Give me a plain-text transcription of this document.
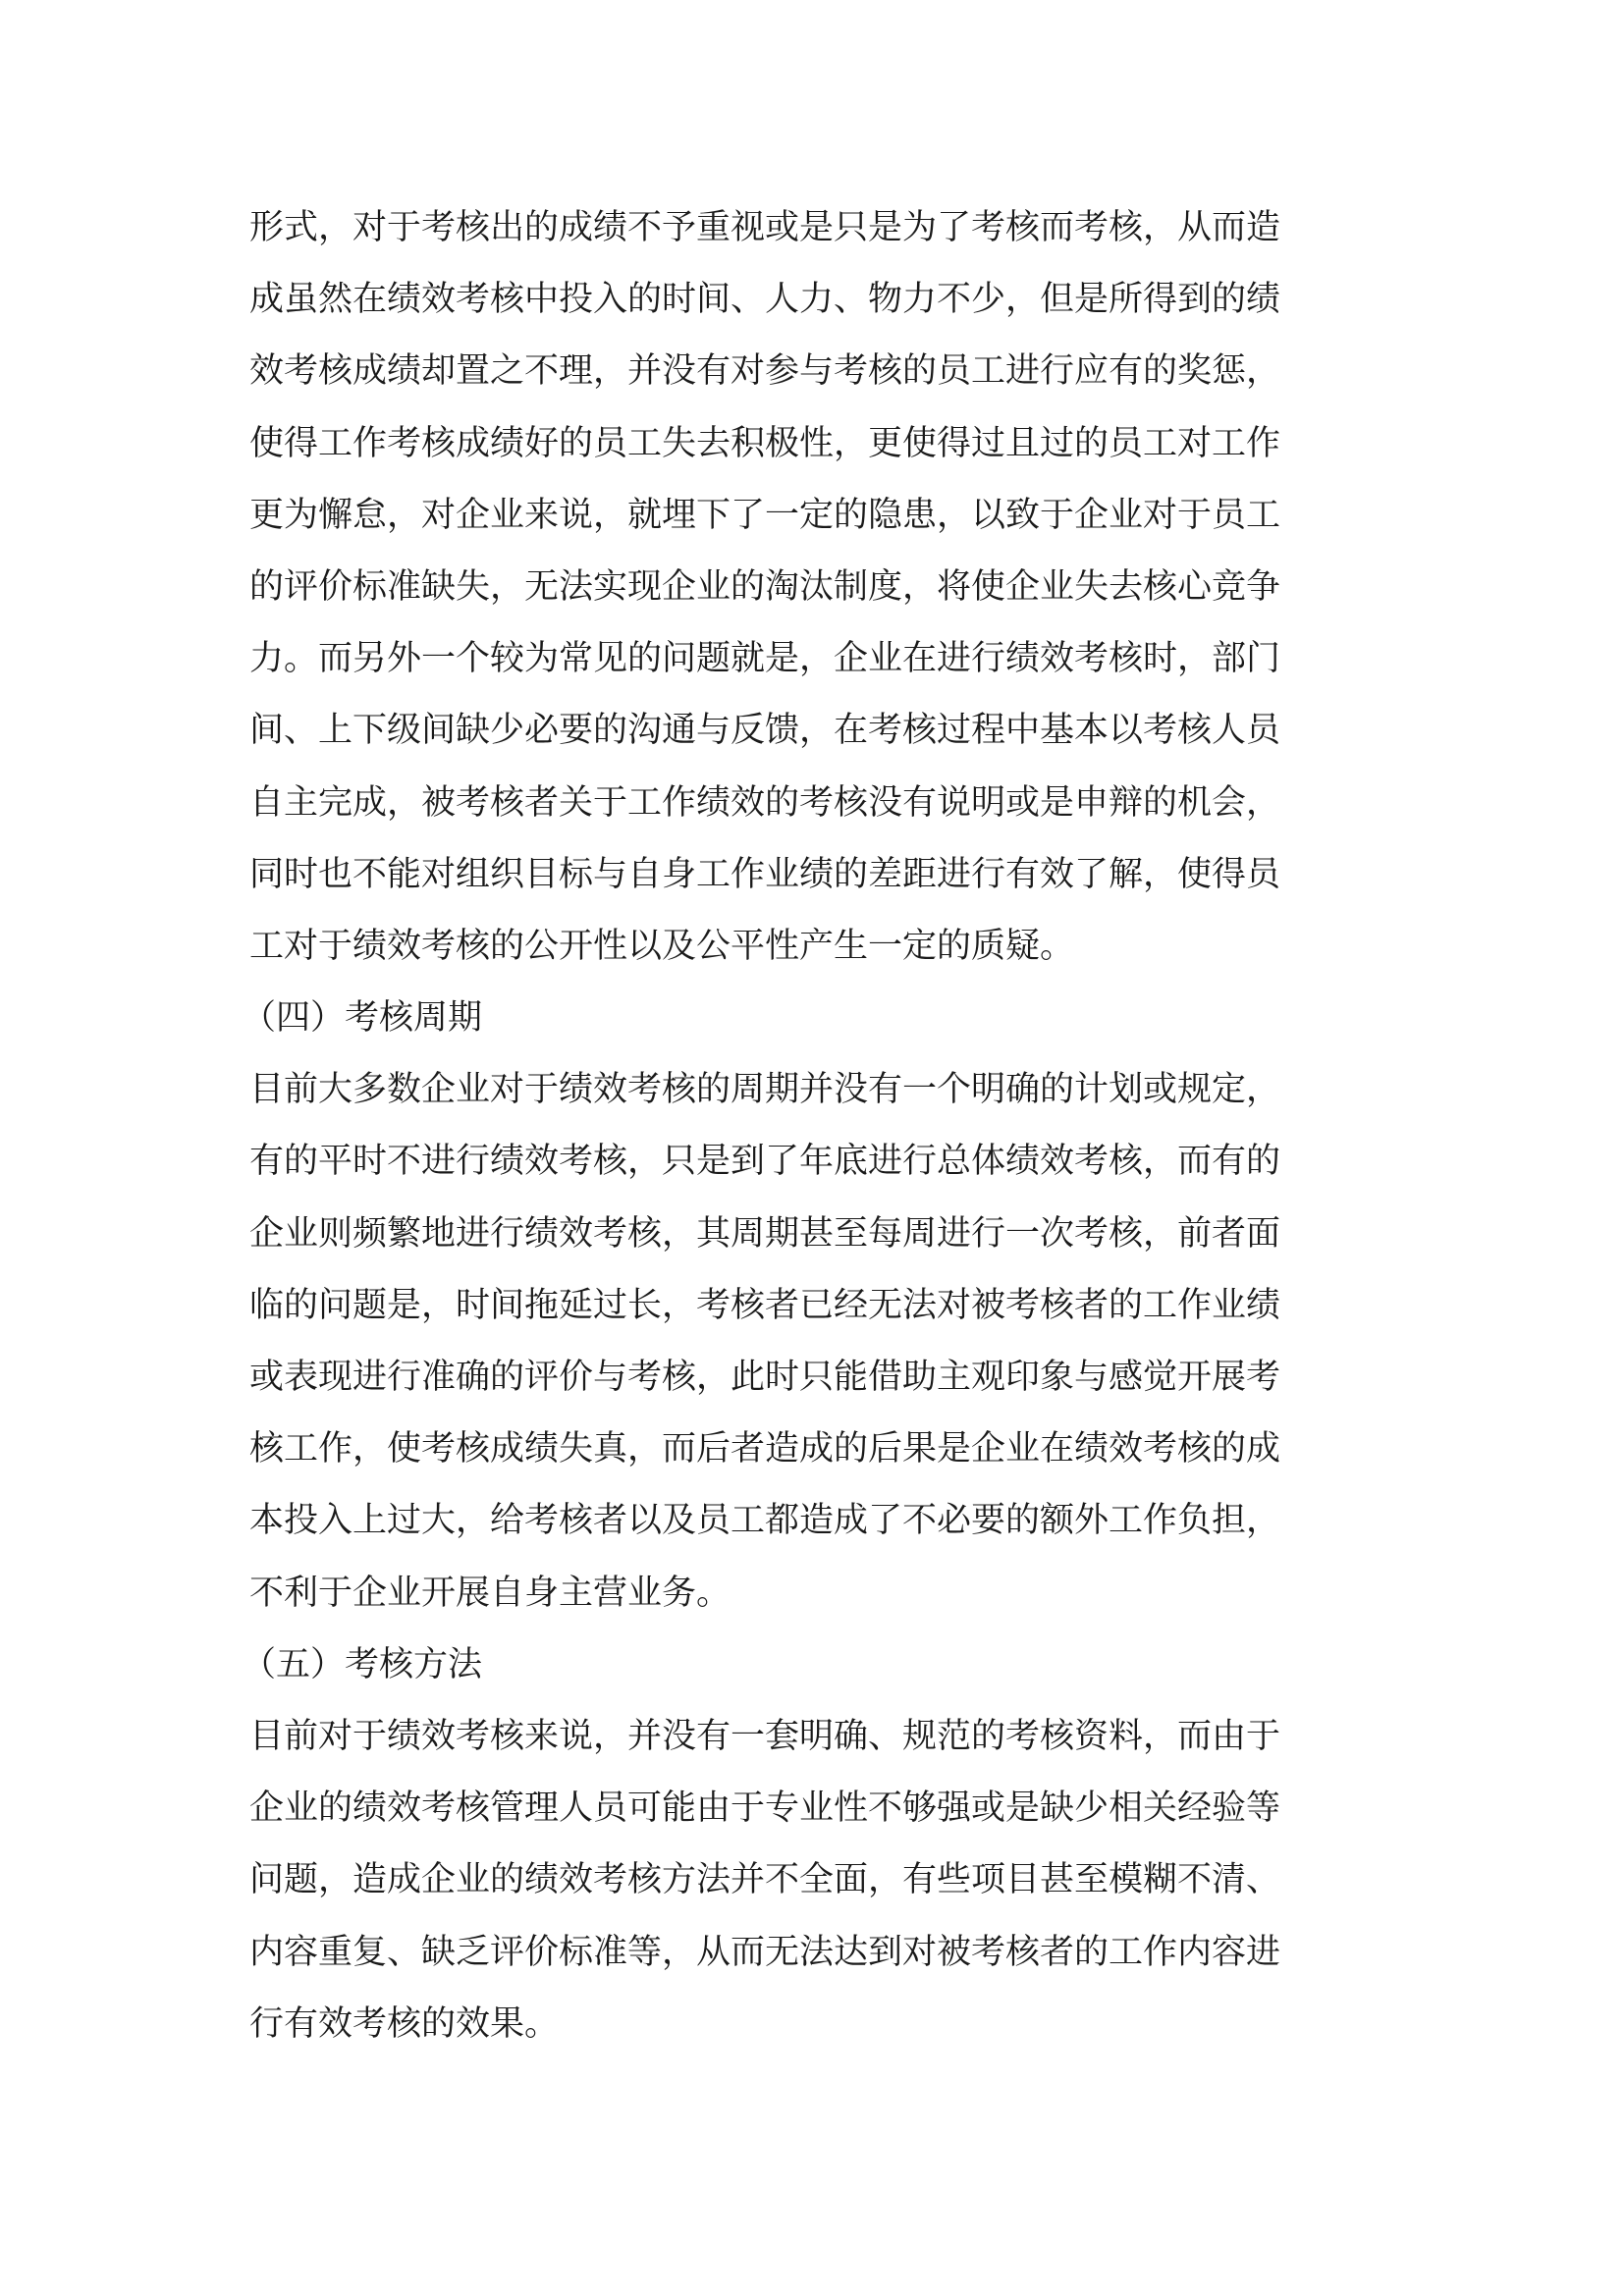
形式，对于考核出的成绩不予重视或是只是为了考核而考核，从而造
成虽然在绩效考核中投入的时间、人力、物力不少，但是所得到的绩
效考核成绩却置之不理，并没有对参与考核的员工进行应有的奖惩，
使得工作考核成绩好的员工失去积极性，更使得过且过的员工对工作
更为懈怠，对企业来说，就埋下了一定的隐患，以致于企业对于员工
的评价标准缺失，无法实现企业的淘汰制度，将使企业失去核心竞争
力。而另外一个较为常见的问题就是，企业在进行绩效考核时，部门
间、上下级间缺少必要的沟通与反馈，在考核过程中基本以考核人员
自主完成，被考核者关于工作绩效的考核没有说明或是申辩的机会，
同时也不能对组织目标与自身工作业绩的差距进行有效了解，使得员
工对于绩效考核的公开性以及公平性产生一定的质疑。
（四）考核周期
目前大多数企业对于绩效考核的周期并没有一个明确的计划或规定，
有的平时不进行绩效考核，只是到了年底进行总体绩效考核，而有的
企业则频繁地进行绩效考核，其周期甚至每周进行一次考核，前者面
临的问题是，时间拖延过长，考核者已经无法对被考核者的工作业绩
或表现进行准确的评价与考核，此时只能借助主观印象与感觉开展考
核工作，使考核成绩失真，而后者造成的后果是企业在绩效考核的成
本投入上过大，给考核者以及员工都造成了不必要的额外工作负担，
不利于企业开展自身主营业务。
（五）考核方法
目前对于绩效考核来说，并没有一套明确、规范的考核资料，而由于
企业的绩效考核管理人员可能由于专业性不够强或是缺少相关经验等
问题，造成企业的绩效考核方法并不全面，有些项目甚至模糊不清、
内容重复、缺乏评价标准等，从而无法达到对被考核者的工作内容进
行有效考核的效果。
